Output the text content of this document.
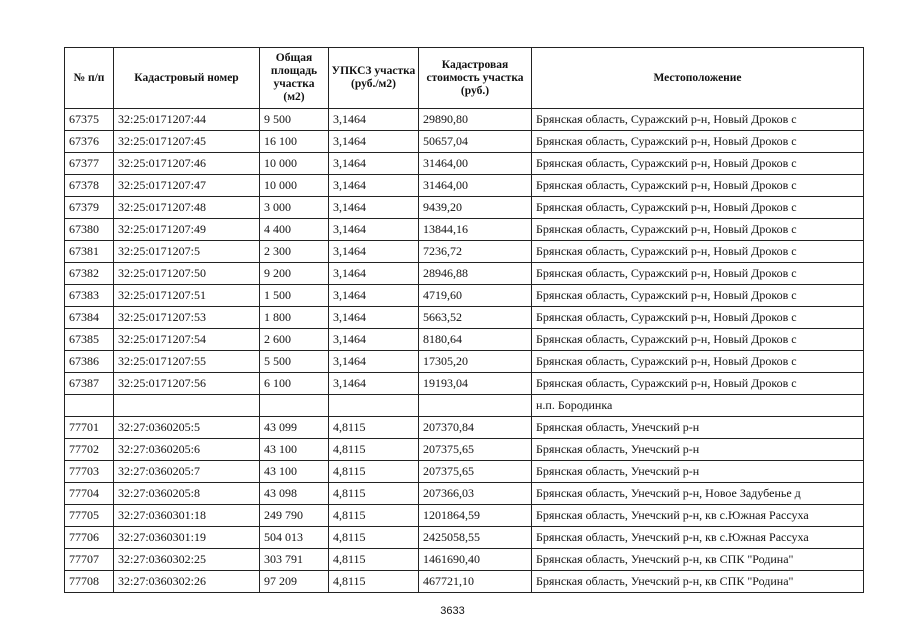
№ п/п	Кадастровый номер	Общая площадь участка (м2)	УПКСЗ участка (руб./м2)	Кадастровая стоимость участка (руб.)	Местоположение
67375	32:25:0171207:44	9 500	3,1464	29890,80	Брянская область, Суражский р-н, Новый Дроков с
67376	32:25:0171207:45	16 100	3,1464	50657,04	Брянская область, Суражский р-н, Новый Дроков с
67377	32:25:0171207:46	10 000	3,1464	31464,00	Брянская область, Суражский р-н, Новый Дроков с
67378	32:25:0171207:47	10 000	3,1464	31464,00	Брянская область, Суражский р-н, Новый Дроков с
67379	32:25:0171207:48	3 000	3,1464	9439,20	Брянская область, Суражский р-н, Новый Дроков с
67380	32:25:0171207:49	4 400	3,1464	13844,16	Брянская область, Суражский р-н, Новый Дроков с
67381	32:25:0171207:5	2 300	3,1464	7236,72	Брянская область, Суражский р-н, Новый Дроков с
67382	32:25:0171207:50	9 200	3,1464	28946,88	Брянская область, Суражский р-н, Новый Дроков с
67383	32:25:0171207:51	1 500	3,1464	4719,60	Брянская область, Суражский р-н, Новый Дроков с
67384	32:25:0171207:53	1 800	3,1464	5663,52	Брянская область, Суражский р-н, Новый Дроков с
67385	32:25:0171207:54	2 600	3,1464	8180,64	Брянская область, Суражский р-н, Новый Дроков с
67386	32:25:0171207:55	5 500	3,1464	17305,20	Брянская область, Суражский р-н, Новый Дроков с
67387	32:25:0171207:56	6 100	3,1464	19193,04	Брянская область, Суражский р-н, Новый Дроков с
					н.п. Бородинка
77701	32:27:0360205:5	43 099	4,8115	207370,84	Брянская область, Унечский р-н
77702	32:27:0360205:6	43 100	4,8115	207375,65	Брянская область, Унечский р-н
77703	32:27:0360205:7	43 100	4,8115	207375,65	Брянская область, Унечский р-н
77704	32:27:0360205:8	43 098	4,8115	207366,03	Брянская область, Унечский р-н, Новое Задубенье д
77705	32:27:0360301:18	249 790	4,8115	1201864,59	Брянская область, Унечский р-н, кв с.Южная Рассуха
77706	32:27:0360301:19	504 013	4,8115	2425058,55	Брянская область, Унечский р-н, кв с.Южная Рассуха
77707	32:27:0360302:25	303 791	4,8115	1461690,40	Брянская область, Унечский р-н, кв СПК "Родина"
77708	32:27:0360302:26	97 209	4,8115	467721,10	Брянская область, Унечский р-н, кв СПК "Родина"
3633
